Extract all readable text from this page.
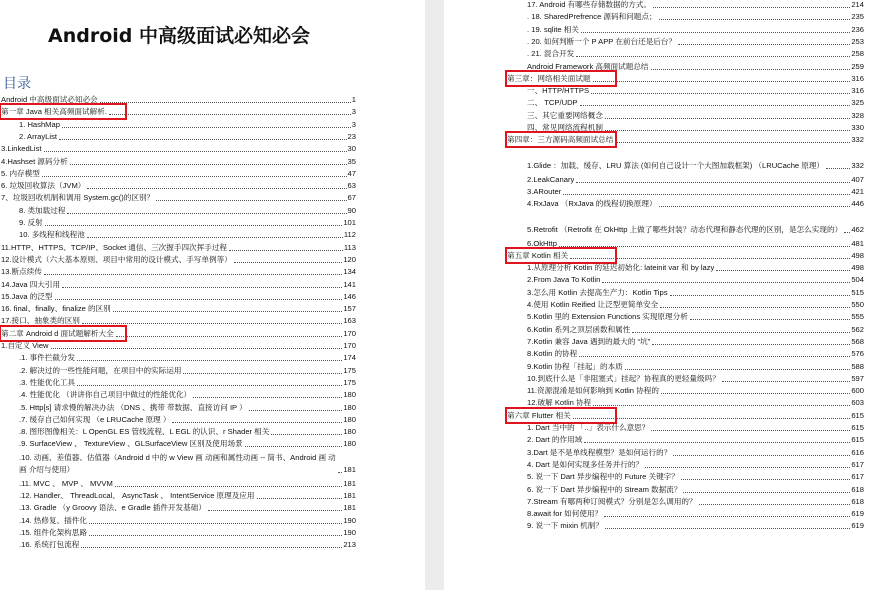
Android 中高级面试必知必会
目录
Android 中高级面试必知必会	1
第一章 Java 相关高频面试解析.	3
1. HashMap	3
2. ArrayList	23
3.LinkedList	30
4.Hashset 源码分析	35
5. 内存模型	47
6. 垃圾回收算法（JVM）	63
7、垃圾回收机制和调用 System.gc()的区别？	67
8. 类加载过程	90
9. 反射	101
10. 多线程和线程池	112
11.HTTP、HTTPS、TCP/IP、Socket 通信、三次握手四次挥手过程	113
12.设计模式（六大基本原则、项目中常用的设计模式、手写单例等）	120
13.断点续传	134
14.Java 四大引用	141
15.Java 的泛型	146
16. final、finally、finalize 的区别	157
17.接口、抽象类的区别	163
第二章 Android d 面试题解析大全	170
1.自定义 View	170
.1. 事件拦截分发	174
.2. 解决过的一些性能问题，在项目中的实际运用	175
.3. 性能优化工具	175
.4. 性能优化 （讲讲你自己项目中做过的性能优化）	180
.5. Http[s] 请求慢的解决办法 （DNS 、携带 带数据、直接访问 IP ）	180
.7. 缓存自己如何实现 （e LRUCache 原理 ）	180
.8. 图形图像相关：L OpenGL ES 管线流程、L EGL 的认识、r Shader 相关	180
.9. SurfaceView 、 TextureView 、GLSurfaceView 区别及使用场景	180
.10. 动画、差值器、估值器（Android d 中的 w View 画 动画和属性动画 -- 简书、Android 画 动画 介绍与使用）	181
.11. MVC 、 MVP 、 MVVM	181
.12. Handler、 ThreadLocal、 AsyncTask 、 IntentService 原理及应用	181
.13. Gradle （y Groovy 语法、e Gradle 插件开发基础）	181
.14. 热修复、插件化	190
.15. 组件化架构思路	190
.16. 系统打包流程	213
17. Android 有哪些存储数据的方式。	214
. 18. SharedPrefrence 源码和问题点；	235
. 19. sqlite 相关	236
. 20. 如何判断一个 P APP 在前台还是后台？	253
. 21. 混合开发	258
Android Framework 高频面试题总结	259
第三章：网络相关面试题	316
一、HTTP/HTTPS	316
二、 TCP/UDP	325
三、其它重要网络概念	328
四、常见网络流程机制	330
第四章：三方源码高频面试总结	332
1.Glide ：加载、缓存、LRU 算法 (如何自己设计一个大图加载框架) （LRUCache 原理）	332
2.LeakCanary	407
3.ARouter	421
4.RxJava （RxJava 的线程切换原理）	446
5.Retrofit （Retrofit 在 OkHttp 上做了哪些封装？动态代理和静态代理的区别，是怎么实现的） 462
6.OkHttp	481
第五章 Kotlin 相关	498
1.从原理分析 Kotlin 的延迟初始化: lateinit var 和 by lazy	498
2.From Java To Kotlin	504
3.怎么用 Kotlin 去提高生产力：Kotlin Tips	515
4.使用 Kotlin Reified 让泛型更简单安全	550
5.Kotlin 里的 Extension Functions 实现原理分析	555
6.Kotlin 系列之顶层函数和属性	562
7.Kotlin 兼容 Java 遇到的最大的 “坑”	568
8.Kotlin 的协程	576
9.Kotlin 协程「挂起」的本质	588
10.到底什么是「非阻塞式」挂起？协程真的更轻量级吗？	597
11.资源混淆是如何影响到 Kotlin 协程的	600
12.破解 Kotlin 协程	603
第六章 Flutter 相关	615
1. Dart 当中的 「..」表示什么意思？	615
2. Dart 的作用域	615
3.Dart 是不是单线程模型？是如何运行的？	616
4. Dart 是如何实现多任务并行的？	617
5. 说一下 Dart 异步编程中的 Future 关键字？	617
6. 说一下 Dart 异步编程中的 Stream 数据流？	618
7.Stream 有哪两种订阅模式？分别是怎么调用的？	618
8.await for 如何使用？	619
9. 说一下 mixin 机制？	619
